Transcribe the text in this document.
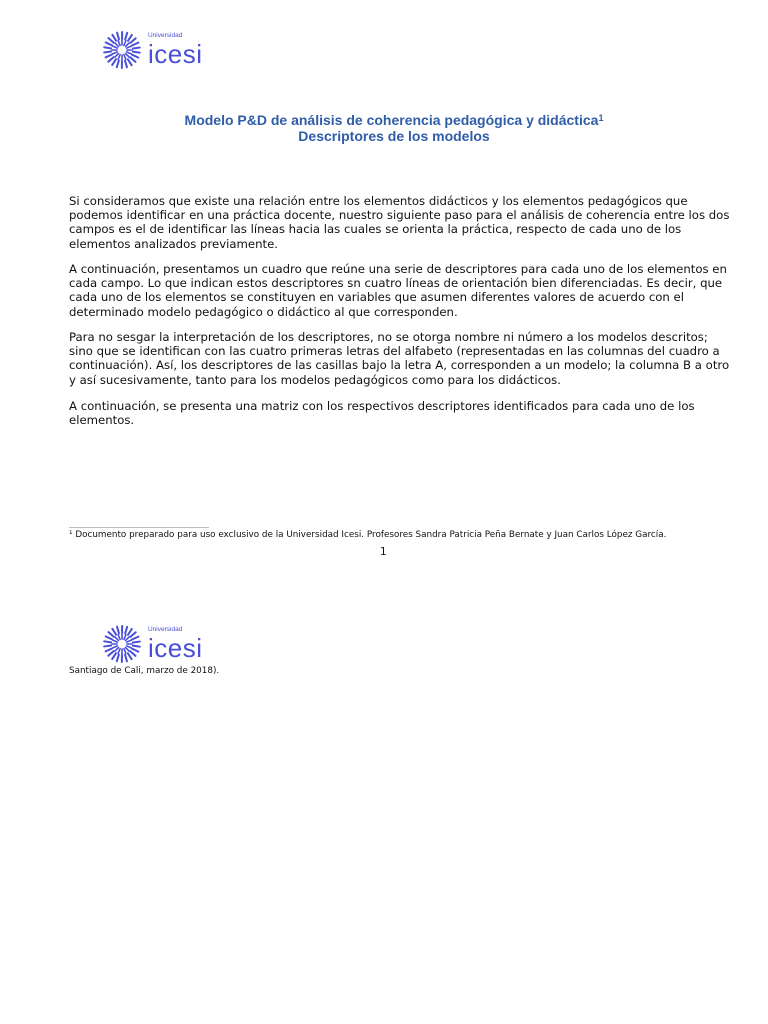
Universidad
icesi
Modelo P&D de análisis de coherencia pedagógica y didáctica$^1$
Descriptores de los modelos
Si consideramos que existe una relación entre los elementos didácticos y los elementos pedagógicos que podemos identificar en una práctica docente, nuestro siguiente paso para el análisis de coherencia entre los dos campos es el de identificar las líneas hacia las cuales se orienta la práctica, respecto de cada uno de los elementos analizados previamente.
A continuación, presentamos un cuadro que reúne una serie de descriptores para cada uno de los elementos en cada campo. Lo que indican estos descriptores sn cuatro líneas de orientación bien diferenciadas. Es decir, que cada uno de los elementos se constituyen en variables que asumen diferentes valores de acuerdo con el determinado modelo pedagógico o didáctico al que corresponden.
Para no sesgar la interpretación de los descriptores, no se otorga nombre ni número a los modelos descritos; sino que se identifican con las cuatro primeras letras del alfabeto (representadas en las columnas del cuadro a continuación). Así, los descriptores de las casillas bajo la letra A, corresponden a un modelo; la columna B a otro y así sucesivamente, tanto para los modelos pedagógicos como para los didácticos.
A continuación, se presenta una matriz con los respectivos descriptores identificados para cada uno de los elementos.
¹ Documento preparado para uso exclusivo de la Universidad Icesi. Profesores Sandra Patricia Peña Bernate y Juan Carlos López García.
1
Universidad
icesi
Santiago de Cali, marzo de 2018).
